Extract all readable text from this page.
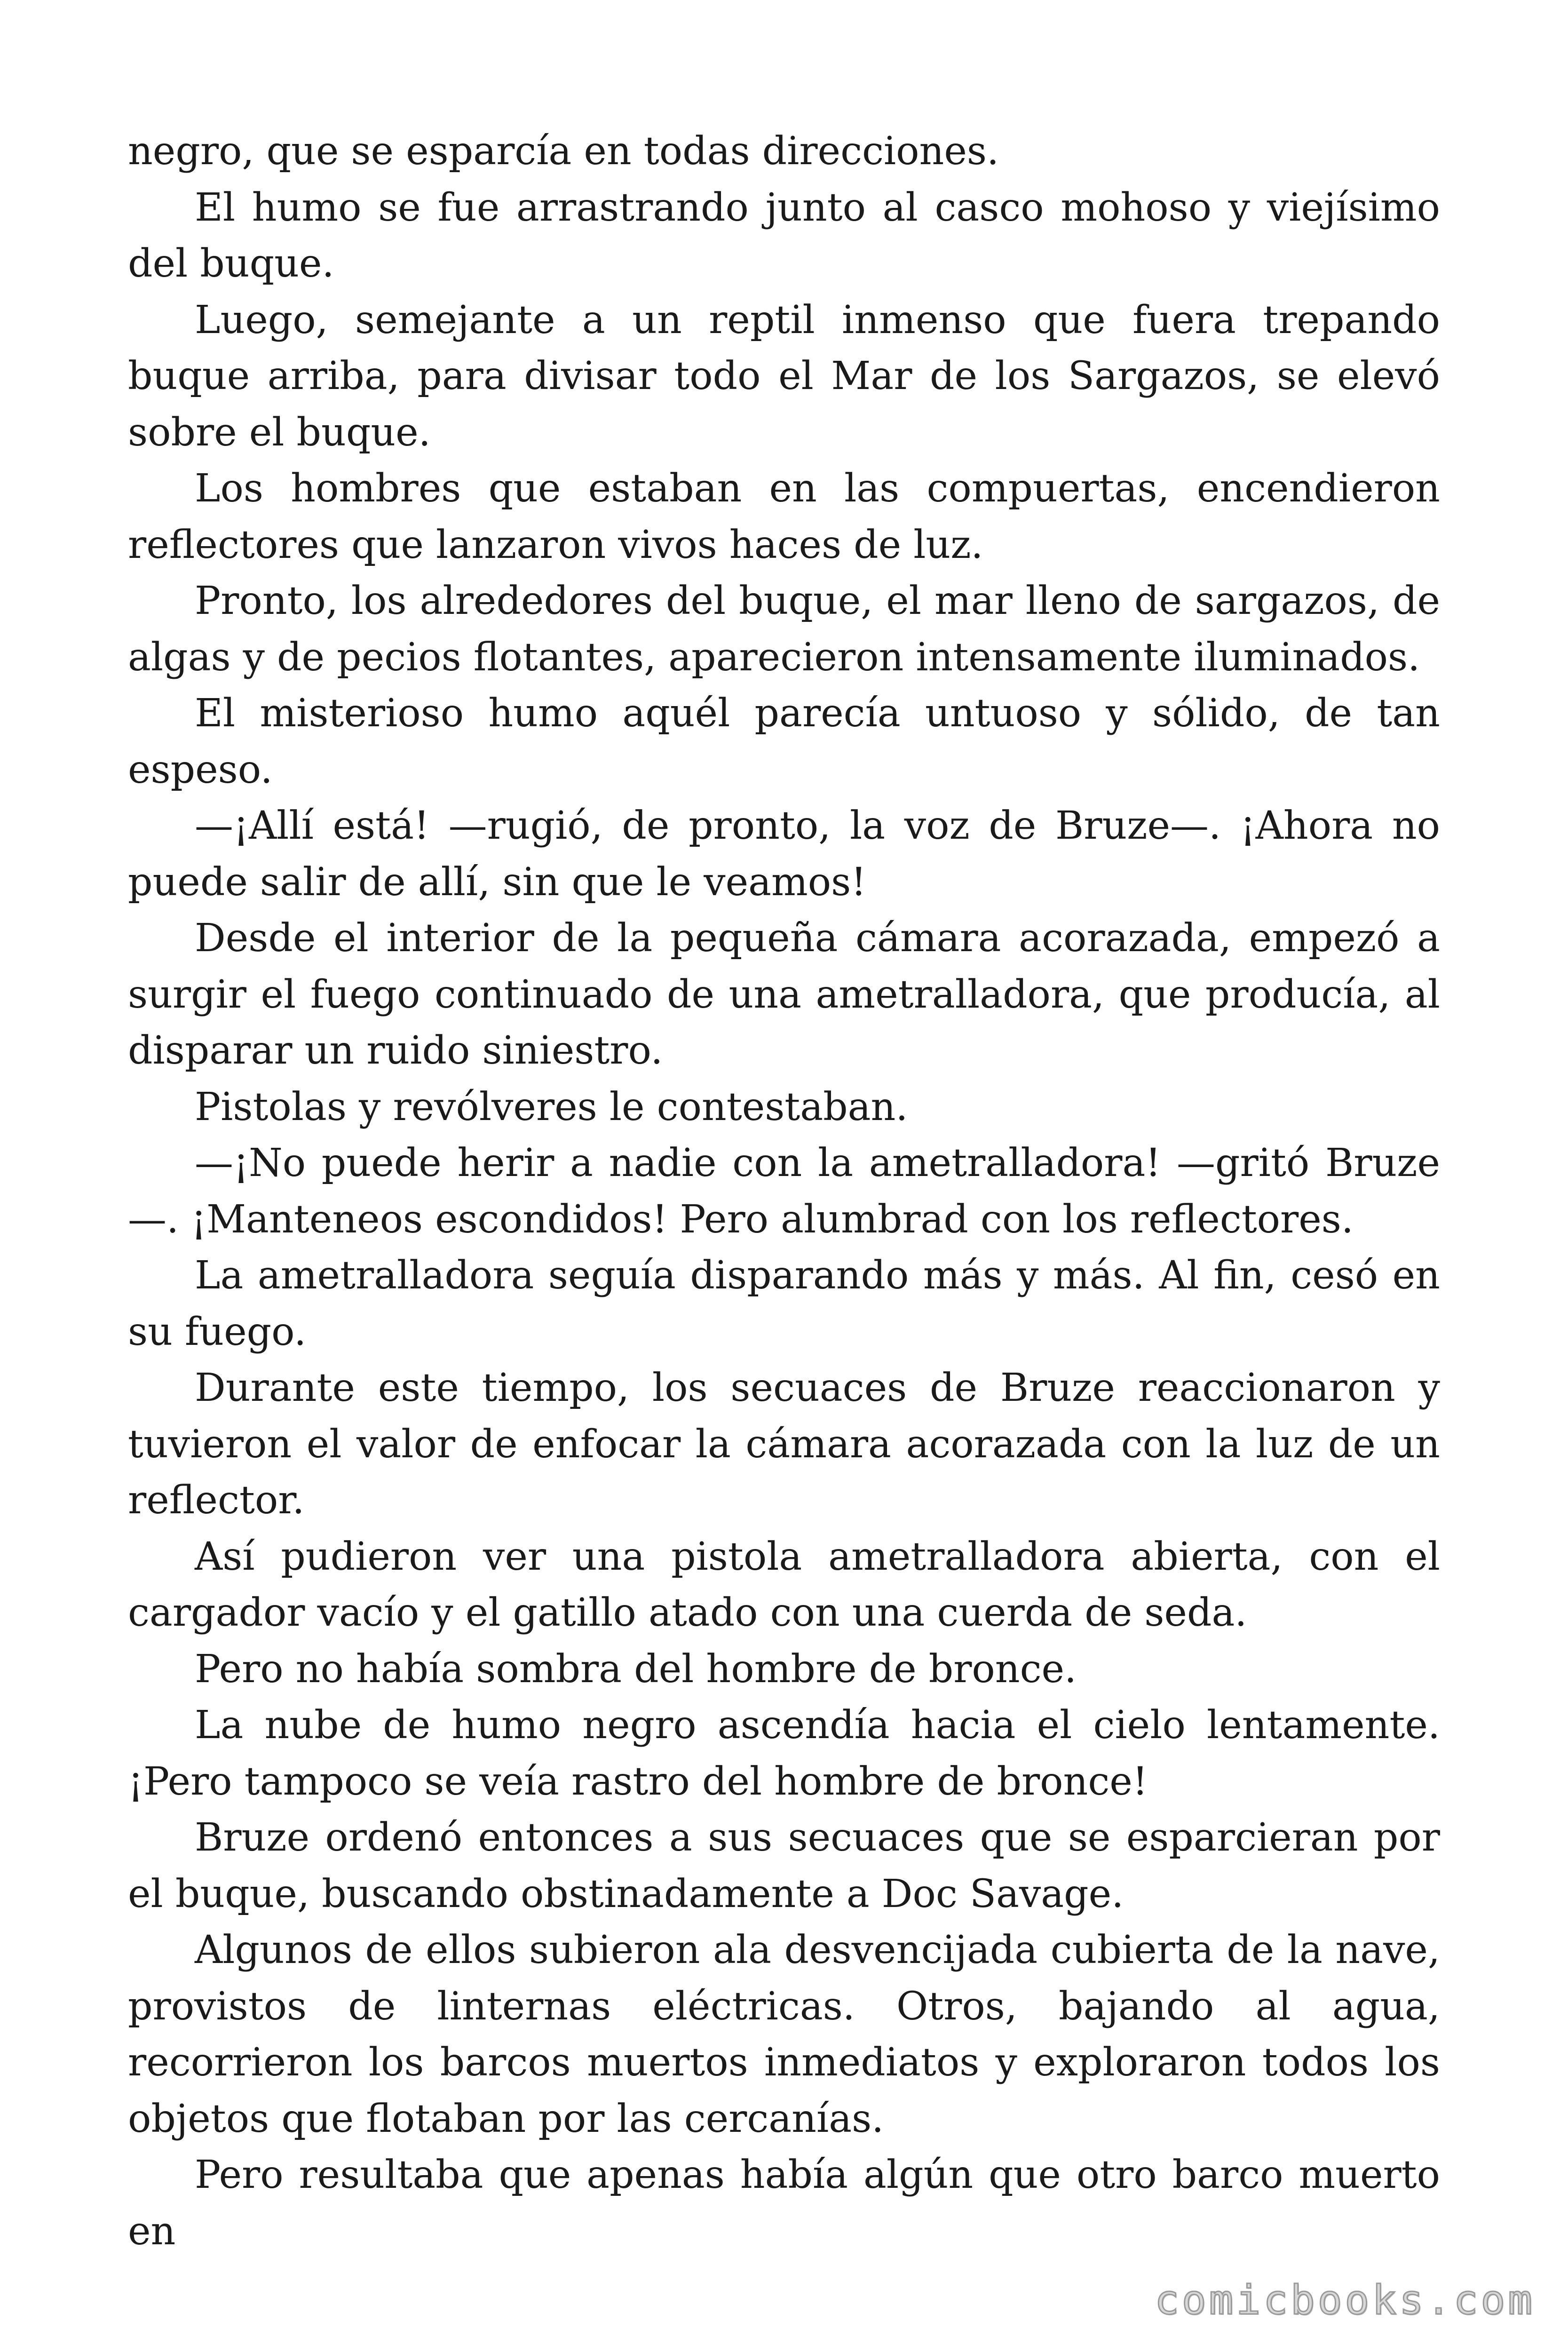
negro, que se esparcía en todas direcciones.

El humo se fue arrastrando junto al casco mohoso y viejísimo del buque.

Luego, semejante a un reptil inmenso que fuera trepando buque arriba, para divisar todo el Mar de los Sargazos, se elevó sobre el buque.

Los hombres que estaban en las compuertas, encendieron reflectores que lanzaron vivos haces de luz.

Pronto, los alrededores del buque, el mar lleno de sargazos, de algas y de pecios flotantes, aparecieron intensamente iluminados.

El misterioso humo aquél parecía untuoso y sólido, de tan espeso.

—¡Allí está! —rugió, de pronto, la voz de Bruze—. ¡Ahora no puede salir de allí, sin que le veamos!

Desde el interior de la pequeña cámara acorazada, empezó a surgir el fuego continuado de una ametralladora, que producía, al disparar un ruido siniestro.

Pistolas y revólveres le contestaban.

—¡No puede herir a nadie con la ametralladora! —gritó Bruze—. ¡Manteneos escondidos! Pero alumbrad con los reflectores.

La ametralladora seguía disparando más y más. Al fin, cesó en su fuego.

Durante este tiempo, los secuaces de Bruze reaccionaron y tuvieron el valor de enfocar la cámara acorazada con la luz de un reflector.

Así pudieron ver una pistola ametralladora abierta, con el cargador vacío y el gatillo atado con una cuerda de seda.

Pero no había sombra del hombre de bronce.

La nube de humo negro ascendía hacia el cielo lentamente. ¡Pero tampoco se veía rastro del hombre de bronce!

Bruze ordenó entonces a sus secuaces que se esparcieran por el buque, buscando obstinadamente a Doc Savage.

Algunos de ellos subieron ala desvencijada cubierta de la nave, provistos de linternas eléctricas. Otros, bajando al agua, recorrieron los barcos muertos inmediatos y exploraron todos los objetos que flotaban por las cercanías.

Pero resultaba que apenas había algún que otro barco muerto en

comicbooks.com
